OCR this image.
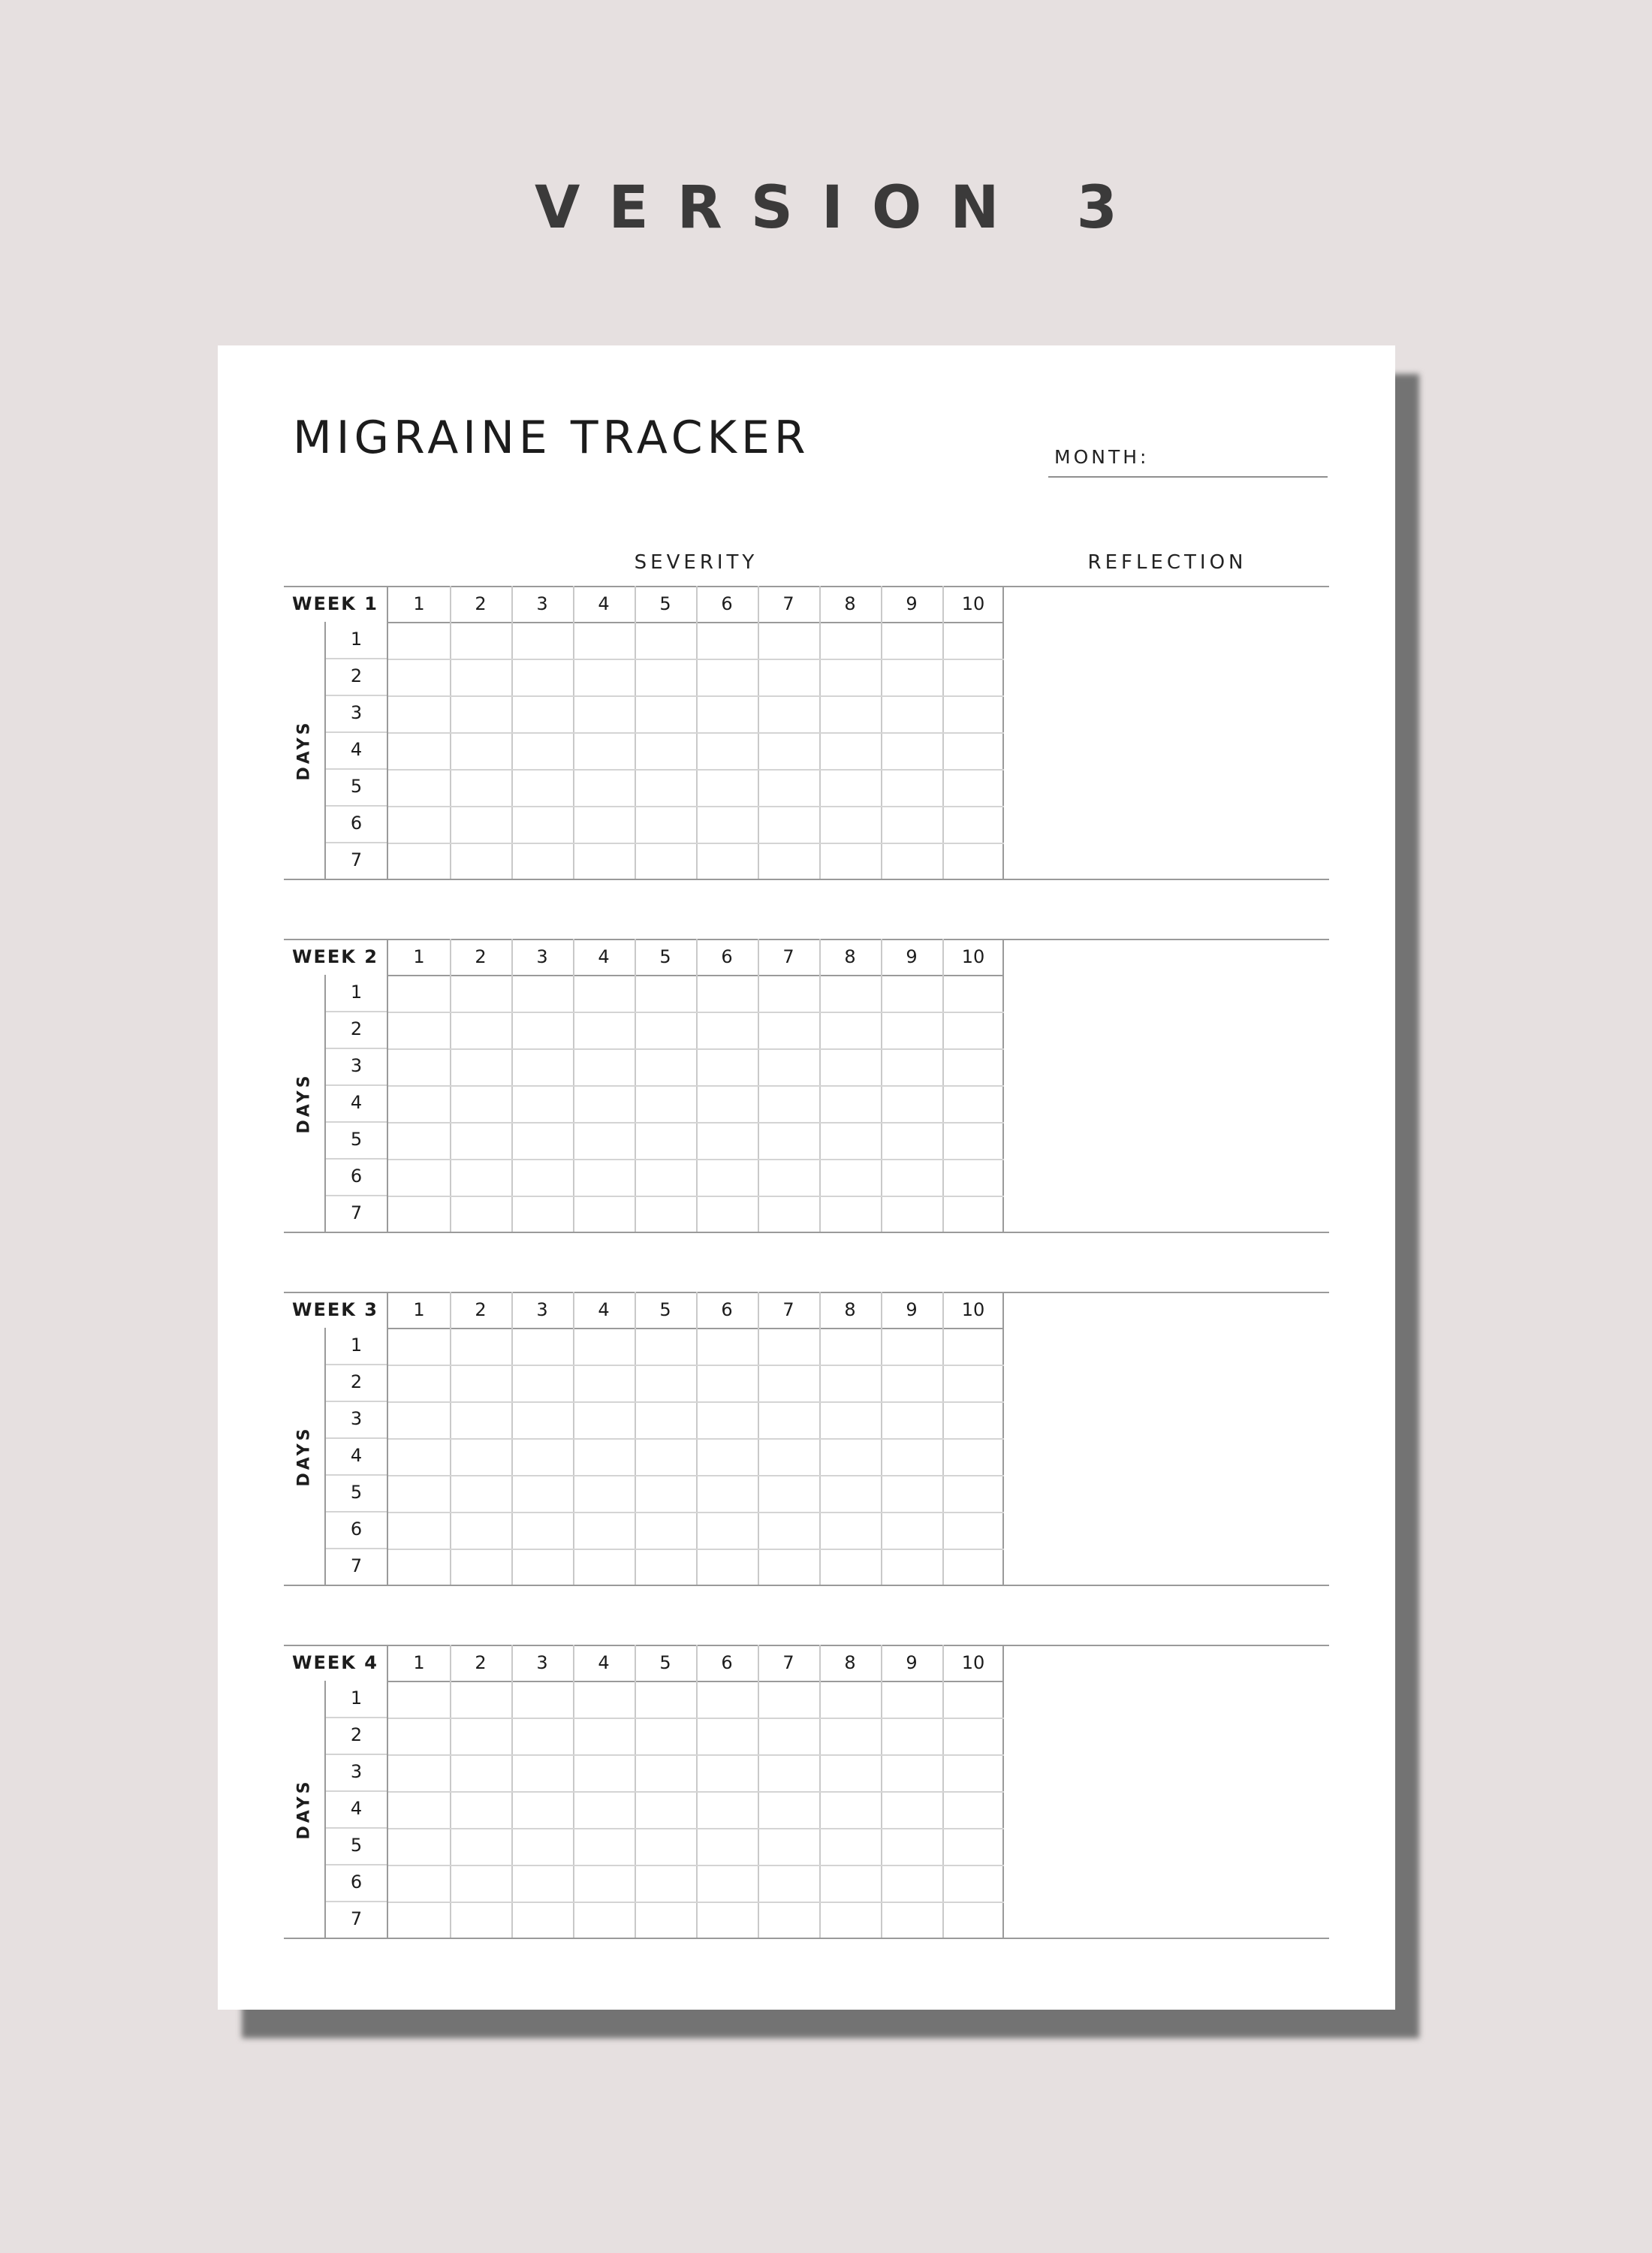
VERSION 3
MIGRAINE TRACKER	MONTH:
SEVERITY	REFLECTION
WEEK 1	1	2	3	4	5	6	7	8	9	10
DAYS
1
2
3
4
5
6
7
WEEK 2	1	2	3	4	5	6	7	8	9	10
DAYS
1
2
3
4
5
6
7
WEEK 3	1	2	3	4	5	6	7	8	9	10
DAYS
1
2
3
4
5
6
7
WEEK 4	1	2	3	4	5	6	7	8	9	10
DAYS
1
2
3
4
5
6
7
